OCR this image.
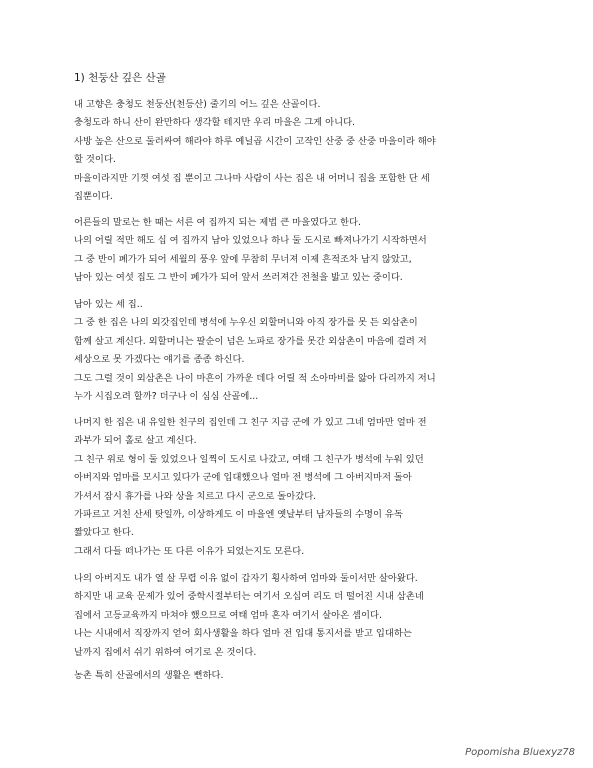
1) 천둥산 깊은 산골
내 고향은 충청도 천둥산(천등산) 줄기의 어느 깊은 산골이다.
충청도라 하니 산이 완만하다 생각할 테지만 우리 마을은 그게 아니다.
사방 높은 산으로 둘러싸여 해라야 하루 예닐곱 시간이 고작인 산중 중 산중 마을이라 해야
할 것이다.
마을이라지만 기껏 여섯 집 뿐이고 그나마 사람이 사는 집은 내 어머니 집을 포함한 단 세
집뿐이다.
어른들의 말로는 한 때는 서른 여 집까지 되는 제법 큰 마을였다고 한다.
나의 어릴 적만 해도 십 여 집까지 남아 있었으나 하나 둘 도시로 빠져나가기 시작하면서
그 중 반이 폐가가 되어 세월의 풍우 앞에 무참히 무너져 이제 흔적조차 남지 않았고,
남아 있는 여섯 집도 그 반이 폐가가 되어 앞서 쓰러져간 전철을 밟고 있는 중이다.
남아 있는 세 집..
그 중 한 집은 나의 외갓집인데 병석에 누우신 외할머니와 아직 장가를 못 든 외삼촌이
함께 살고 계신다. 외할머니는 팔순이 넘은 노파로 장가를 못간 외삼촌이 마음에 걸려 저
세상으로 못 가겠다는 얘기를 종종 하신다.
그도 그럴 것이 외삼촌은 나이 마흔이 가까운 데다 어릴 적 소아마비를 앓아 다리까지 저니
누가 시집오려 할까? 더구나 이 심심 산골에...
나머지 한 집은 내 유일한 친구의 집인데 그 친구 지금 군에 가 있고 그네 엄마만 얼마 전
과부가 되어 홀로 살고 계신다.
그 친구 위로 형이 둘 있었으나 일찍이 도시로 나갔고, 여태 그 친구가 병석에 누워 있던
아버지와 엄마를 모시고 있다가 군에 입대했으나 얼마 전 병석에 그 아버지마저 돌아
가셔서 잠시 휴가를 나와 상을 치르고 다시 군으로 돌아갔다.
가파르고 거친 산세 탓일까, 이상하게도 이 마을엔 옛날부터 남자들의 수명이 유독
짧았다고 한다.
그래서 다들 떠나가는 또 다른 이유가 되었는지도 모른다.
나의 아버지도 내가 열 살 무렵 이유 없이 갑자기 횡사하여 엄마와 둘이서만 살아왔다.
하지만 내 교육 문제가 있어 중학시절부터는 여기서 오십여 리도 더 떨어진 시내 삼촌네
집에서 고등교육까지 마쳐야 했으므로 여태 엄마 혼자 여기서 살아온 셈이다.
나는 시내에서 직장까지 얻어 회사생활을 하다 얼마 전 입대 통지서를 받고 입대하는
날까지 집에서 쉬기 위하여 여기로 온 것이다.
농촌 특히 산골에서의 생활은 뻔하다.
Popomisha Bluexyz78
